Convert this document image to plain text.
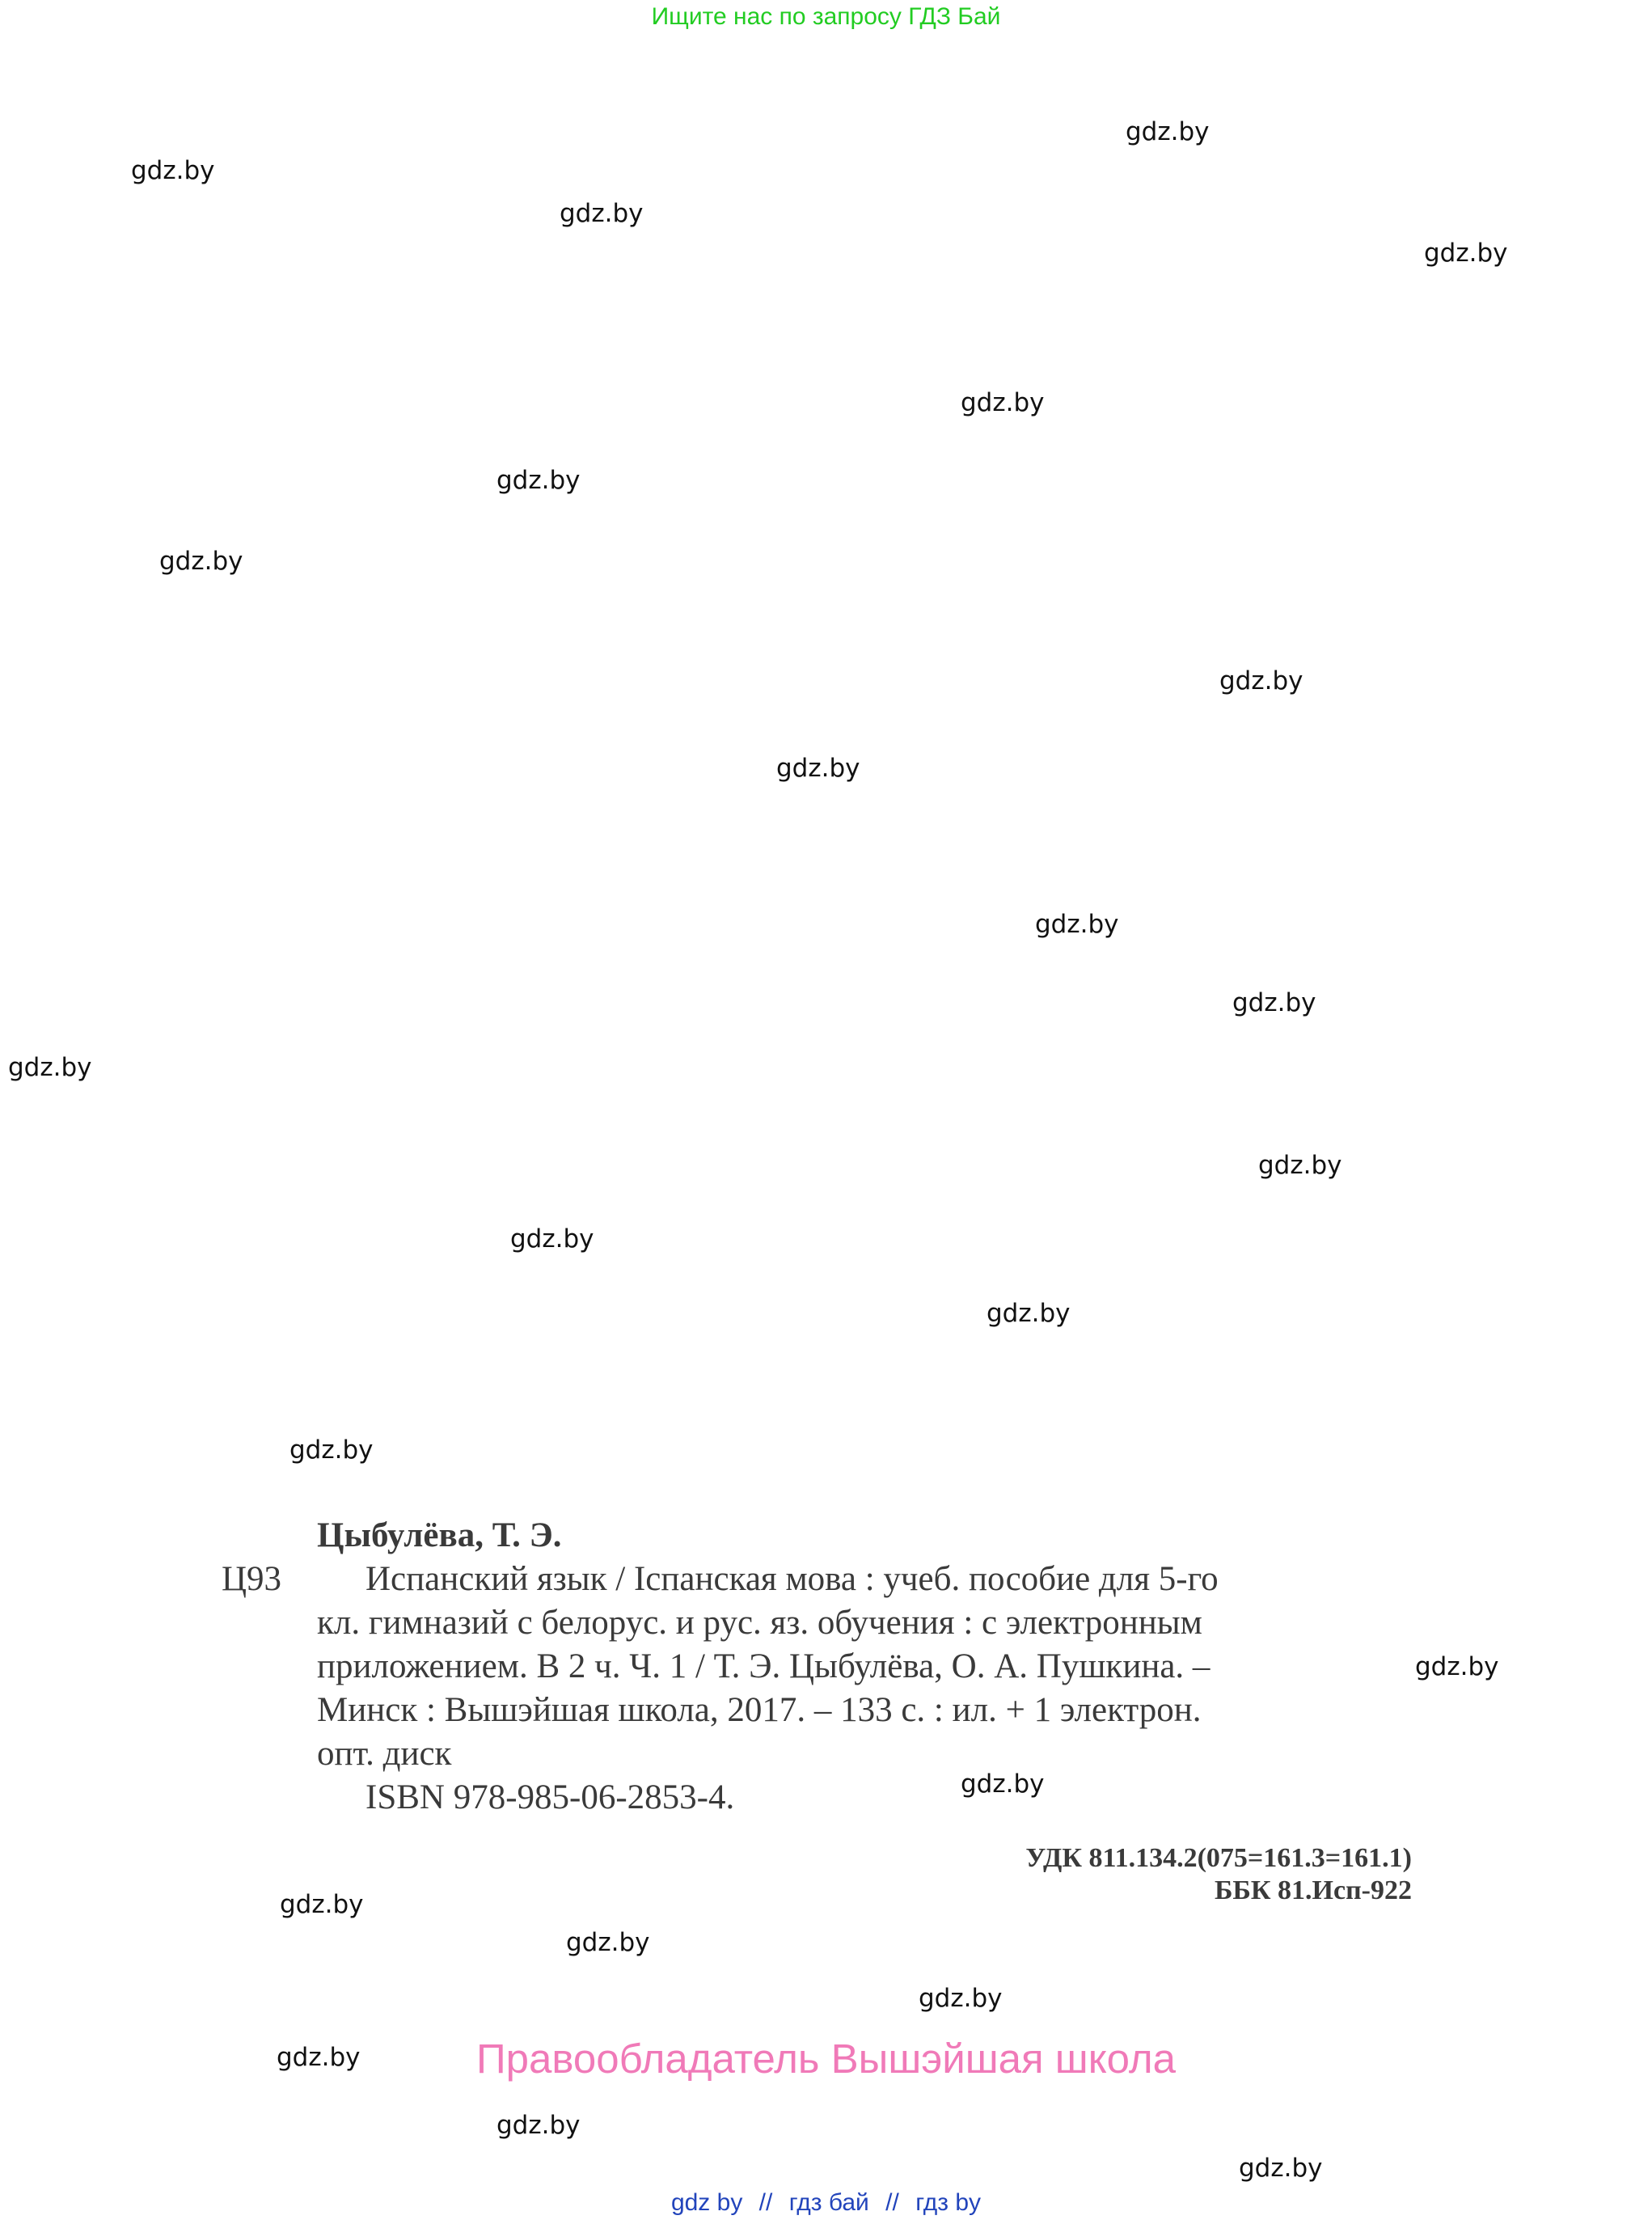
Ищите нас по запросу ГДЗ Бай
gdz.by
gdz.by
gdz.by
gdz.by
gdz.by
gdz.by
gdz.by
gdz.by
gdz.by
gdz.by
gdz.by
gdz.by
gdz.by
gdz.by
gdz.by
gdz.by
gdz.by
gdz.by
gdz.by
gdz.by
gdz.by
gdz.by
gdz.by
gdz.by
Цыбулёва, Т. Э.
Ц93	Испанский язык / Іспанская мова : учеб. пособие для 5-го
кл. гимназий с белорус. и рус. яз. обучения : с электронным
приложением. В 2 ч. Ч. 1 / Т. Э. Цыбулёва, О. А. Пушкина. –
Минск : Вышэйшая школа, 2017. – 133 с. : ил. + 1 электрон.
опт. диск
ISBN 978-985-06-2853-4.
УДК 811.134.2(075=161.3=161.1)
ББК 81.Исп-922
Правообладатель Вышэйшая школа
gdz by // гдз бай // гдз by
